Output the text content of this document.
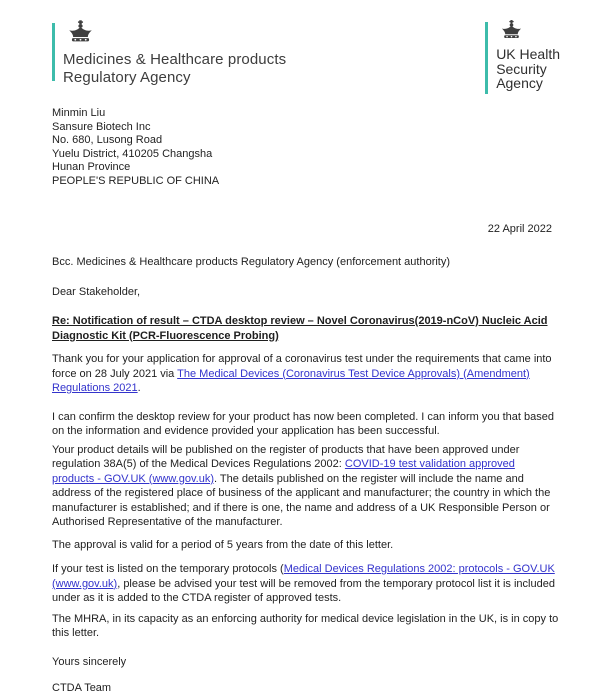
Medicines & Healthcare products
Regulatory Agency
UK Health
Security
Agency
Minmin Liu
Sansure Biotech Inc
No. 680, Lusong Road
Yuelu District, 410205 Changsha
Hunan Province
PEOPLE'S REPUBLIC OF CHINA
22 April 2022
Bcc. Medicines & Healthcare products Regulatory Agency (enforcement authority)
Dear Stakeholder,
Re: Notification of result – CTDA desktop review – Novel Coronavirus(2019-nCoV) Nucleic Acid Diagnostic Kit (PCR-Fluorescence Probing)

Thank you for your application for approval of a coronavirus test under the requirements that came into force on 28 July 2021 via The Medical Devices (Coronavirus Test Device Approvals) (Amendment) Regulations 2021.

I can confirm the desktop review for your product has now been completed. I can inform you that based on the information and evidence provided your application has been successful.

Your product details will be published on the register of products that have been approved under regulation 38A(5) of the Medical Devices Regulations 2002: COVID-19 test validation approved products - GOV.UK (www.gov.uk). The details published on the register will include the name and address of the registered place of business of the applicant and manufacturer; the country in which the manufacturer is established; and if there is one, the name and address of a UK Responsible Person or Authorised Representative of the manufacturer.

The approval is valid for a period of 5 years from the date of this letter.

If your test is listed on the temporary protocols (Medical Devices Regulations 2002: protocols - GOV.UK (www.gov.uk), please be advised your test will be removed from the temporary protocol list it is included under as it is added to the CTDA register of approved tests.

The MHRA, in its capacity as an enforcing authority for medical device legislation in the UK, is in copy to this letter.

Yours sincerely
CTDA Team
